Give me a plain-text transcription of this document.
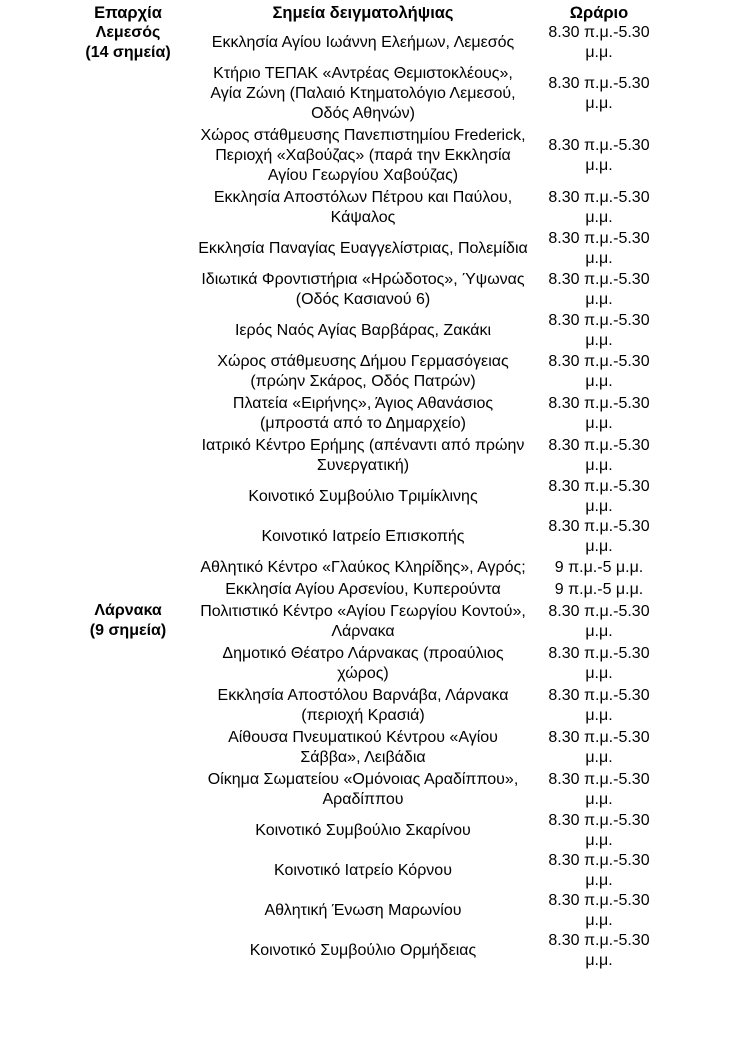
Επαρχία	Σημεία δειγματολήψιας	Ωράριο

Λεμεσός
(14 σημεία)	Εκκλησία Αγίου Ιωάννη Ελεήμων, Λεμεσός	8.30 π.μ.-5.30 μ.μ.
	Κτήριο ΤΕΠΑΚ «Αντρέας Θεμιστοκλέους», Αγία Ζώνη (Παλαιό Κτηματολόγιο Λεμεσού, Οδός Αθηνών)	8.30 π.μ.-5.30 μ.μ.
	Χώρος στάθμευσης Πανεπιστημίου Frederick, Περιοχή «Χαβούζας» (παρά την Εκκλησία Αγίου Γεωργίου Χαβούζας)	8.30 π.μ.-5.30 μ.μ.
	Εκκλησία Αποστόλων Πέτρου και Παύλου, Κάψαλος	8.30 π.μ.-5.30 μ.μ.
	Εκκλησία Παναγίας Ευαγγελίστριας, Πολεμίδια	8.30 π.μ.-5.30 μ.μ.
	Ιδιωτικά Φροντιστήρια «Ηρώδοτος», Ύψωνας (Οδός Κασιανού 6)	8.30 π.μ.-5.30 μ.μ.
	Ιερός Ναός Αγίας Βαρβάρας, Ζακάκι	8.30 π.μ.-5.30 μ.μ.
	Χώρος στάθμευσης Δήμου Γερμασόγειας (πρώην Σκάρος, Οδός Πατρών)	8.30 π.μ.-5.30 μ.μ.
	Πλατεία «Ειρήνης», Άγιος Αθανάσιος (μπροστά από το Δημαρχείο)	8.30 π.μ.-5.30 μ.μ.
	Ιατρικό Κέντρο Ερήμης (απέναντι από πρώην Συνεργατική)	8.30 π.μ.-5.30 μ.μ.
	Κοινοτικό Συμβούλιο Τριμίκλινης	8.30 π.μ.-5.30 μ.μ.
	Κοινοτικό Ιατρείο Επισκοπής	8.30 π.μ.-5.30 μ.μ.
	Αθλητικό Κέντρο «Γλαύκος Κληρίδης», Αγρός;	9 π.μ.-5 μ.μ.
	Εκκλησία Αγίου Αρσενίου, Κυπερούντα	9 π.μ.-5 μ.μ.

Λάρνακα
(9 σημεία)	Πολιτιστικό Κέντρο «Αγίου Γεωργίου Κοντού», Λάρνακα	8.30 π.μ.-5.30 μ.μ.
	Δημοτικό Θέατρο Λάρνακας (προαύλιος χώρος)	8.30 π.μ.-5.30 μ.μ.
	Εκκλησία Αποστόλου Βαρνάβα, Λάρνακα (περιοχή Κρασιά)	8.30 π.μ.-5.30 μ.μ.
	Αίθουσα Πνευματικού Κέντρου «Αγίου Σάββα», Λειβάδια	8.30 π.μ.-5.30 μ.μ.
	Οίκημα Σωματείου «Ομόνοιας Αραδίππου», Αραδίππου	8.30 π.μ.-5.30 μ.μ.
	Κοινοτικό Συμβούλιο Σκαρίνου	8.30 π.μ.-5.30 μ.μ.
	Κοινοτικό Ιατρείο Κόρνου	8.30 π.μ.-5.30 μ.μ.
	Αθλητική Ένωση Μαρωνίου	8.30 π.μ.-5.30 μ.μ.
	Κοινοτικό Συμβούλιο Ορμήδειας	8.30 π.μ.-5.30 μ.μ.
